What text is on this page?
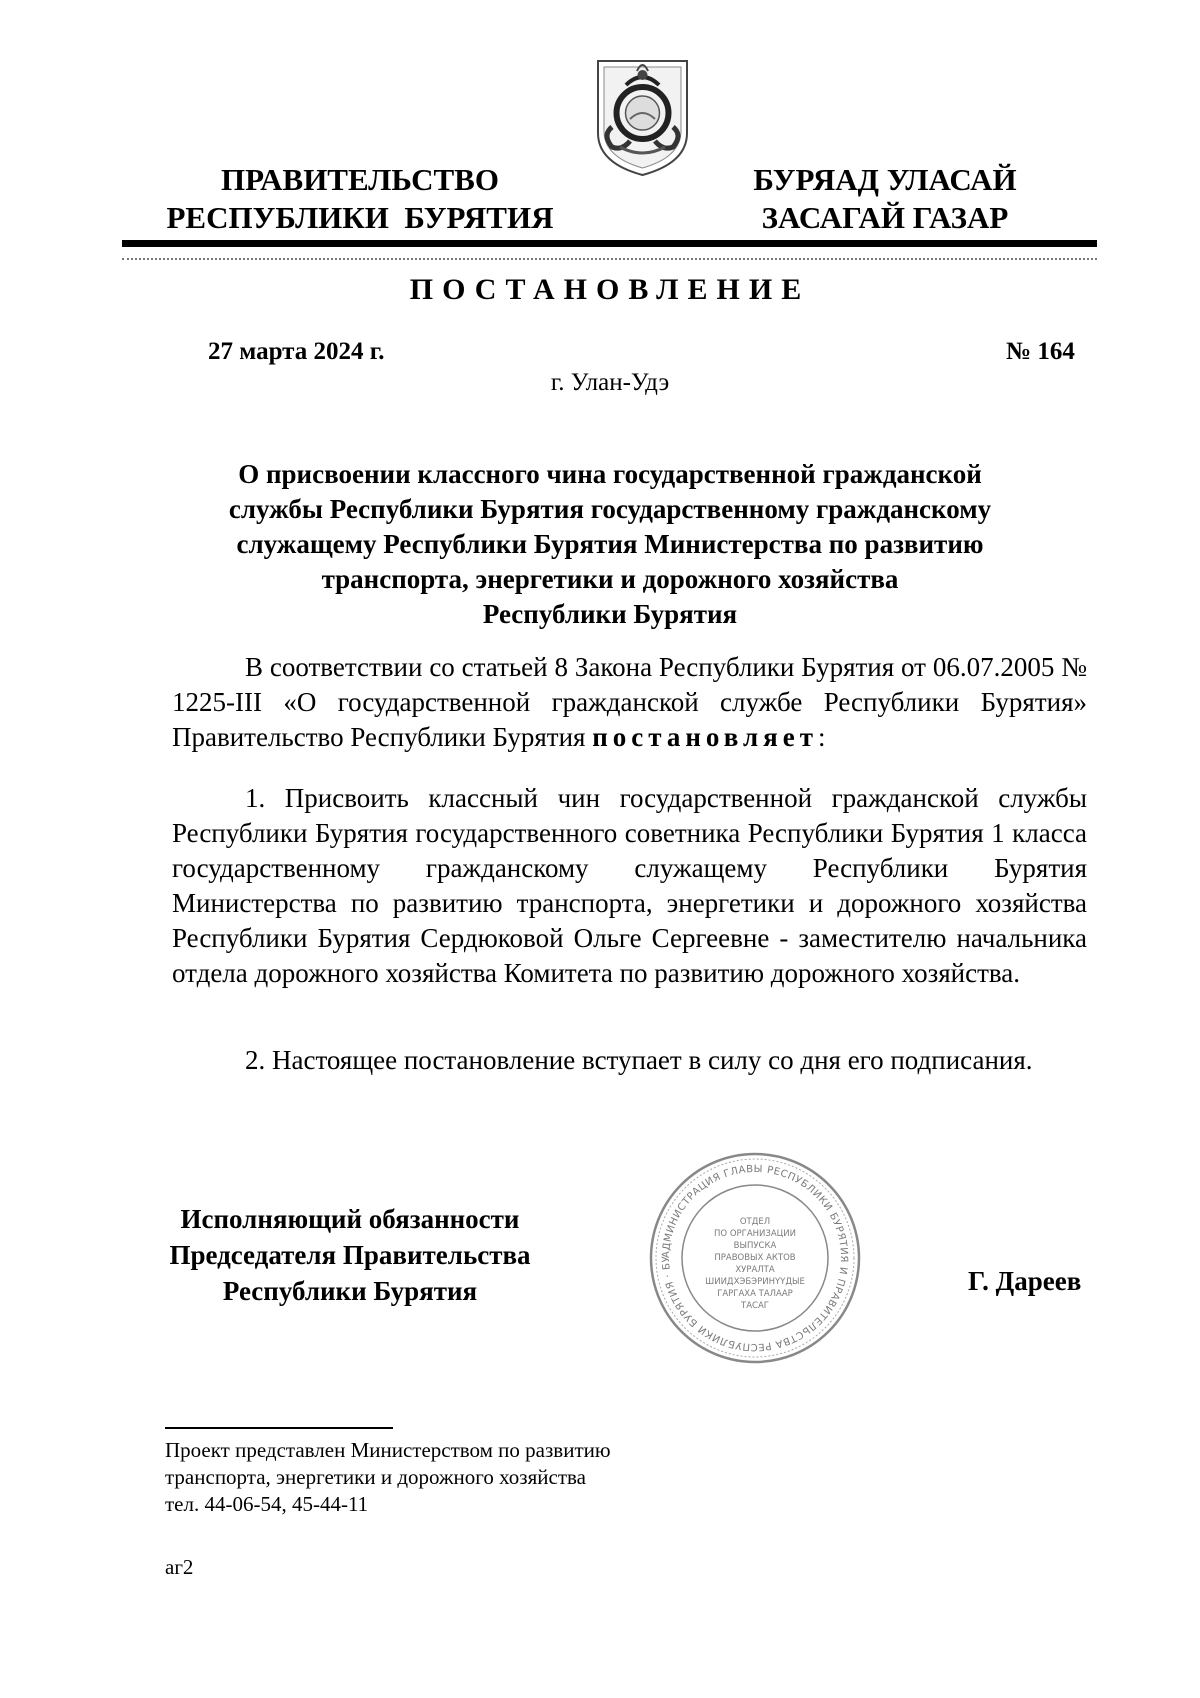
ПРАВИТЕЛЬСТВО
РЕСПУБЛИКИ  БУРЯТИЯ
БУРЯАД УЛАСАЙ
ЗАСАГАЙ ГАЗАР
ПОСТАНОВЛЕНИЕ
27 марта 2024 г.	№ 164
г. Улан-Удэ
О присвоении классного чина государственной гражданской
службы Республики Бурятия государственному гражданскому
служащему Республики Бурятия Министерства по развитию
транспорта, энергетики и дорожного хозяйства
Республики Бурятия

В соответствии со статьей 8 Закона Республики Бурятия от 06.07.2005 № 1225-III «О государственной гражданской службе Республики Бурятия» Правительство Республики Бурятия постановляет:

1. Присвоить классный чин государственной гражданской службы Республики Бурятия государственного советника Республики Бурятия 1 класса государственному гражданскому служащему Республики Бурятия Министерства по развитию транспорта, энергетики и дорожного хозяйства Республики Бурятия Сердюковой Ольге Сергеевне - заместителю начальника отдела дорожного хозяйства Комитета по развитию дорожного хозяйства.

2. Настоящее постановление вступает в силу со дня его подписания.

Исполняющий обязанности
Председателя Правительства
Республики Бурятия
АДМИНИСТРАЦИЯ ГЛАВЫ РЕСПУБЛИКИ БУРЯТИЯ И ПРАВИТЕЛЬСТВА РЕСПУБЛИКИ БУРЯТИЯ · БУ
ОТДЕЛ
ПО ОРГАНИЗАЦИИ
ВЫПУСКА
ПРАВОВЫХ АКТОВ
ХУРАЛТА
ШИИДХЭБЭРИНҮҮДЫЕ
ГАРГАХА ТАЛААР
ТАСАГ
Г. Дареев
Проект представлен Министерством по развитию
транспорта, энергетики и дорожного хозяйства
тел. 44-06-54, 45-44-11
аг2
